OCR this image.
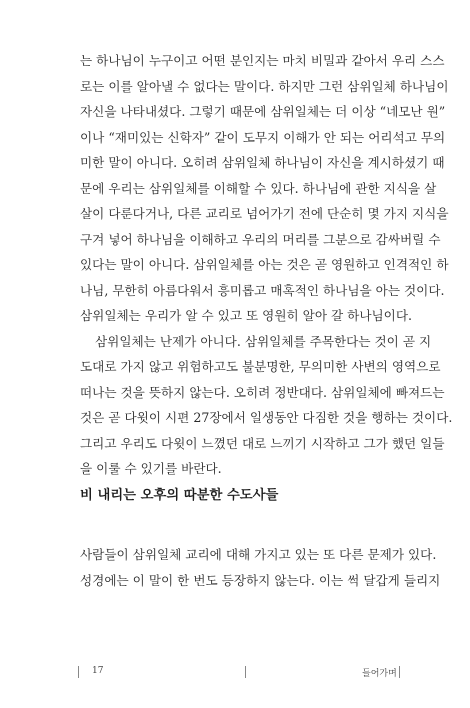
는 하나님이 누구이고 어떤 분인지는 마치 비밀과 같아서 우리 스스
로는 이를 알아낼 수 없다는 말이다. 하지만 그런 삼위일체 하나님이
자신을 나타내셨다. 그렇기 때문에 삼위일체는 더 이상 “네모난 원”
이나 “재미있는 신학자” 같이 도무지 이해가 안 되는 어리석고 무의
미한 말이 아니다. 오히려 삼위일체 하나님이 자신을 계시하셨기 때
문에 우리는 삼위일체를 이해할 수 있다. 하나님에 관한 지식을 살
살이 다룬다거나, 다른 교리로 넘어가기 전에 단순히 몇 가지 지식을
구겨 넣어 하나님을 이해하고 우리의 머리를 그분으로 감싸버릴 수
있다는 말이 아니다. 삼위일체를 아는 것은 곧 영원하고 인격적인 하
나님, 무한히 아름다워서 흥미롭고 매혹적인 하나님을 아는 것이다.
삼위일체는 우리가 알 수 있고 또 영원히 알아 갈 하나님이다.
삼위일체는 난제가 아니다. 삼위일체를 주목한다는 것이 곧 지
도대로 가지 않고 위험하고도 불분명한, 무의미한 사변의 영역으로
떠나는 것을 뜻하지 않는다. 오히려 정반대다. 삼위일체에 빠져드는
것은 곧 다윗이 시편 27장에서 일생동안 다짐한 것을 행하는 것이다.
그리고 우리도 다윗이 느꼈던 대로 느끼기 시작하고 그가 했던 일들
을 이룰 수 있기를 바란다.
비 내리는 오후의 따분한 수도사들
사람들이 삼위일체 교리에 대해 가지고 있는 또 다른 문제가 있다.
성경에는 이 말이 한 번도 등장하지 않는다. 이는 썩 달갑게 들리지
17	들어가며
